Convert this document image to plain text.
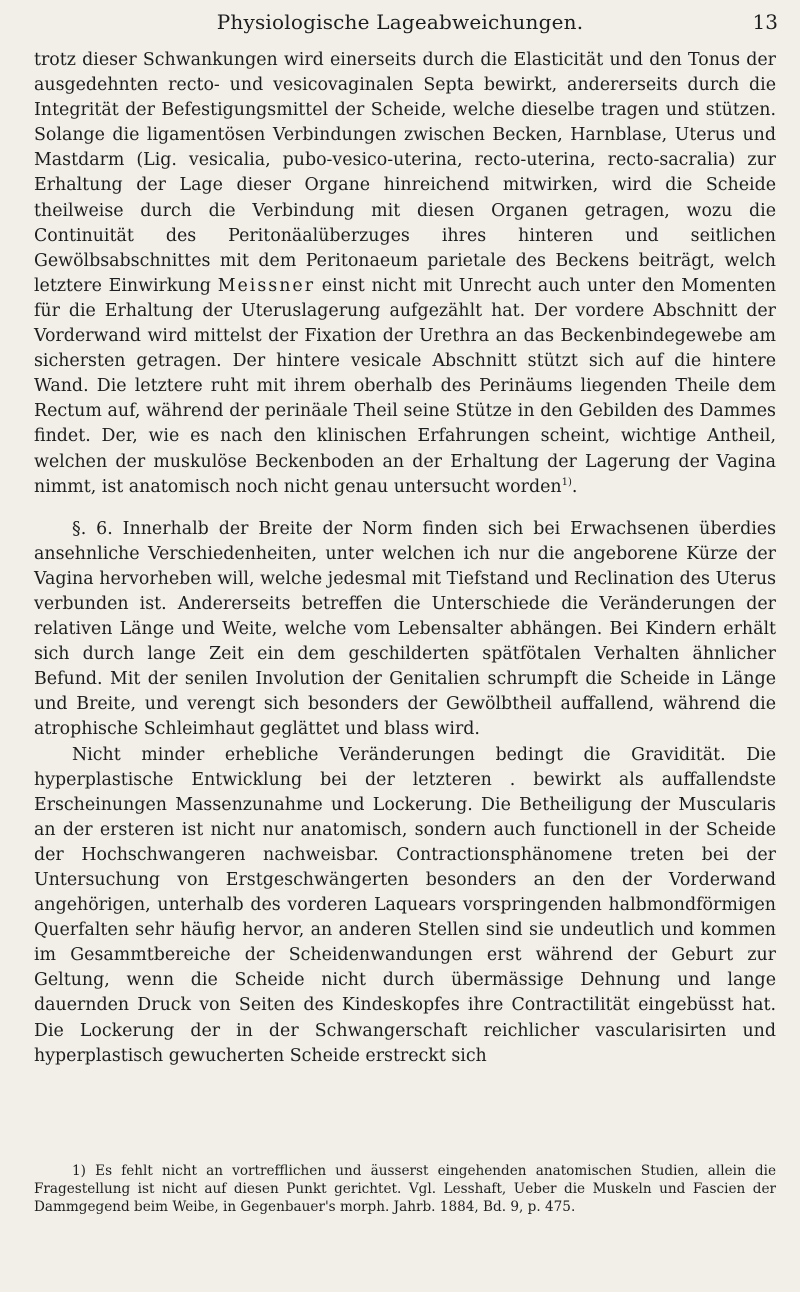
Physiologische Lageabweichungen.	13

trotz dieser Schwankungen wird einerseits durch die Elasticität und den Tonus der ausgedehnten recto- und vesicovaginalen Septa bewirkt, andererseits durch die Integrität der Befestigungsmittel der Scheide, welche dieselbe tragen und stützen. Solange die ligamentösen Verbindungen zwischen Becken, Harnblase, Uterus und Mastdarm (Lig. vesicalia, pubo-vesico-uterina, recto-uterina, recto-sacralia) zur Erhaltung der Lage dieser Organe hinreichend mitwirken, wird die Scheide theilweise durch die Verbindung mit diesen Organen getragen, wozu die Continuität des Peritonäalüberzuges ihres hinteren und seitlichen Gewölbsabschnittes mit dem Peritonaeum parietale des Beckens beiträgt, welch letztere Einwirkung Meissner einst nicht mit Unrecht auch unter den Momenten für die Erhaltung der Uteruslagerung aufgezählt hat. Der vordere Abschnitt der Vorderwand wird mittelst der Fixation der Urethra an das Beckenbindegewebe am sichersten getragen. Der hintere vesicale Abschnitt stützt sich auf die hintere Wand. Die letztere ruht mit ihrem oberhalb des Perinäums liegenden Theile dem Rectum auf, während der perinäale Theil seine Stütze in den Gebilden des Dammes findet. Der, wie es nach den klinischen Erfahrungen scheint, wichtige Antheil, welchen der muskulöse Beckenboden an der Erhaltung der Lagerung der Vagina nimmt, ist anatomisch noch nicht genau untersucht worden$^{1)}$.

§. 6. Innerhalb der Breite der Norm finden sich bei Erwachsenen überdies ansehnliche Verschiedenheiten, unter welchen ich nur die angeborene Kürze der Vagina hervorheben will, welche jedesmal mit Tiefstand und Reclination des Uterus verbunden ist. Andererseits betreffen die Unterschiede die Veränderungen der relativen Länge und Weite, welche vom Lebensalter abhängen. Bei Kindern erhält sich durch lange Zeit ein dem geschilderten spätfötalen Verhalten ähnlicher Befund. Mit der senilen Involution der Genitalien schrumpft die Scheide in Länge und Breite, und verengt sich besonders der Gewölbtheil auffallend, während die atrophische Schleimhaut geglättet und blass wird.

Nicht minder erhebliche Veränderungen bedingt die Gravidität. Die hyperplastische Entwicklung bei der letzteren . bewirkt als auffallendste Erscheinungen Massenzunahme und Lockerung. Die Betheiligung der Muscularis an der ersteren ist nicht nur anatomisch, sondern auch functionell in der Scheide der Hochschwangeren nachweisbar. Contractionsphänomene treten bei der Untersuchung von Erstgeschwängerten besonders an den der Vorderwand angehörigen, unterhalb des vorderen Laquears vorspringenden halbmondförmigen Querfalten sehr häufig hervor, an anderen Stellen sind sie undeutlich und kommen im Gesammtbereiche der Scheidenwandungen erst während der Geburt zur Geltung, wenn die Scheide nicht durch übermässige Dehnung und lange dauernden Druck von Seiten des Kindeskopfes ihre Contractilität eingebüsst hat. Die Lockerung der in der Schwangerschaft reichlicher vascularisirten und hyperplastisch gewucherten Scheide erstreckt sich

1) Es fehlt nicht an vortrefflichen und äusserst eingehenden anatomischen Studien, allein die Fragestellung ist nicht auf diesen Punkt gerichtet. Vgl. Lesshaft, Ueber die Muskeln und Fascien der Dammgegend beim Weibe, in Gegenbauer's morph. Jahrb. 1884, Bd. 9, p. 475.
